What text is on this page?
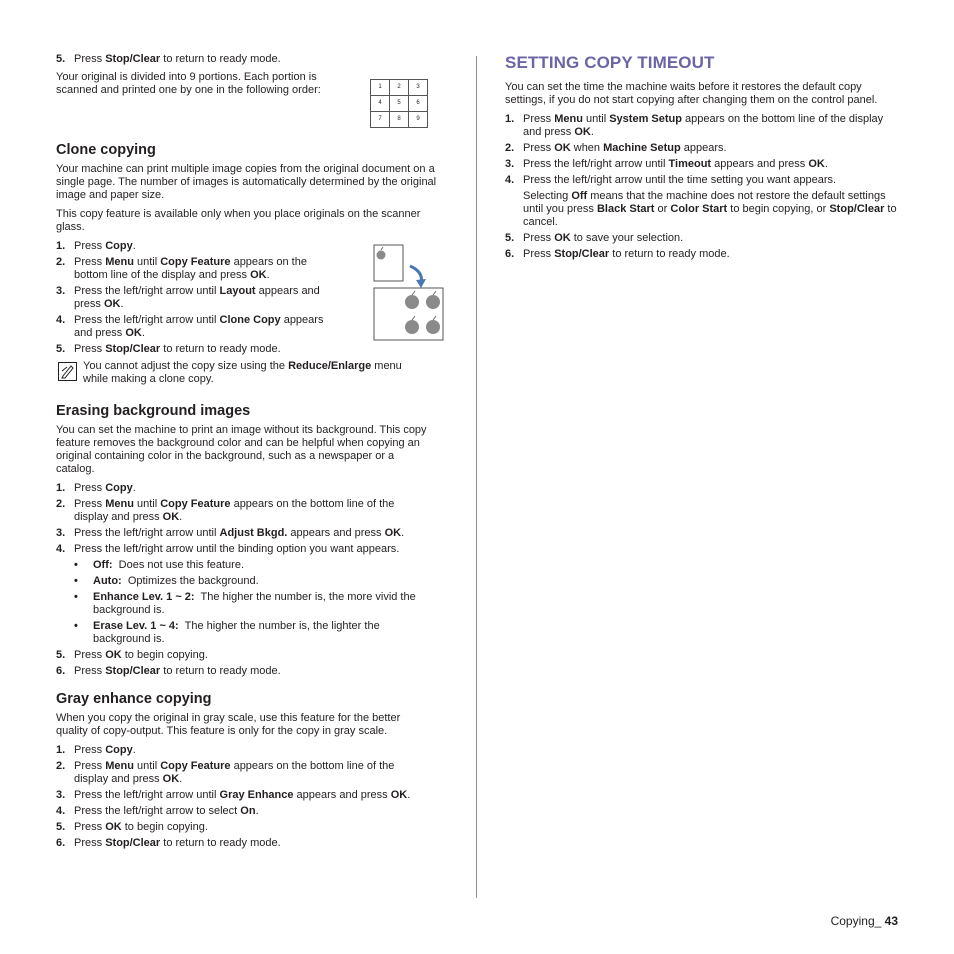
1	2	3
4	5	6
7	8	9
5. Press Stop/Clear to return to ready mode.

Your original is divided into 9 portions. Each portion is scanned and printed one by one in the following order:

Clone copying

Your machine can print multiple image copies from the original document on a single page. The number of images is automatically determined by the original image and paper size.

This copy feature is available only when you place originals on the scanner glass.

1. Press Copy.
2. Press Menu until Copy Feature appears on the bottom line of the display and press OK.
3. Press the left/right arrow until Layout appears and press OK.
4. Press the left/right arrow until Clone Copy appears and press OK.
5. Press Stop/Clear to return to ready mode.
You cannot adjust the copy size using the Reduce/Enlarge menu while making a clone copy.
Erasing background images

You can set the machine to print an image without its background. This copy feature removes the background color and can be helpful when copying an original containing color in the background, such as a newspaper or a catalog.

1. Press Copy.
2. Press Menu until Copy Feature appears on the bottom line of the display and press OK.
3. Press the left/right arrow until Adjust Bkgd. appears and press OK.
4. Press the left/right arrow until the binding option you want appears.
• Off:  Does not use this feature.
• Auto:  Optimizes the background.
• Enhance Lev. 1 ~ 2:  The higher the number is, the more vivid the background is.
• Erase Lev. 1 ~ 4:  The higher the number is, the lighter the background is.
5. Press OK to begin copying.
6. Press Stop/Clear to return to ready mode.
Gray enhance copying

When you copy the original in gray scale, use this feature for the better quality of copy-output. This feature is only for the copy in gray scale.

1. Press Copy.
2. Press Menu until Copy Feature appears on the bottom line of the display and press OK.
3. Press the left/right arrow until Gray Enhance appears and press OK.
4. Press the left/right arrow to select On.
5. Press OK to begin copying.
6. Press Stop/Clear to return to ready mode.
SETTING COPY TIMEOUT

You can set the time the machine waits before it restores the default copy settings, if you do not start copying after changing them on the control panel.

1. Press Menu until System Setup appears on the bottom line of the display and press OK.
2. Press OK when Machine Setup appears.
3. Press the left/right arrow until Timeout appears and press OK.
4. Press the left/right arrow until the time setting you want appears.

Selecting Off means that the machine does not restore the default settings until you press Black Start or Color Start to begin copying, or Stop/Clear to cancel.

5. Press OK to save your selection.
6. Press Stop/Clear to return to ready mode.
Copying_ 43
